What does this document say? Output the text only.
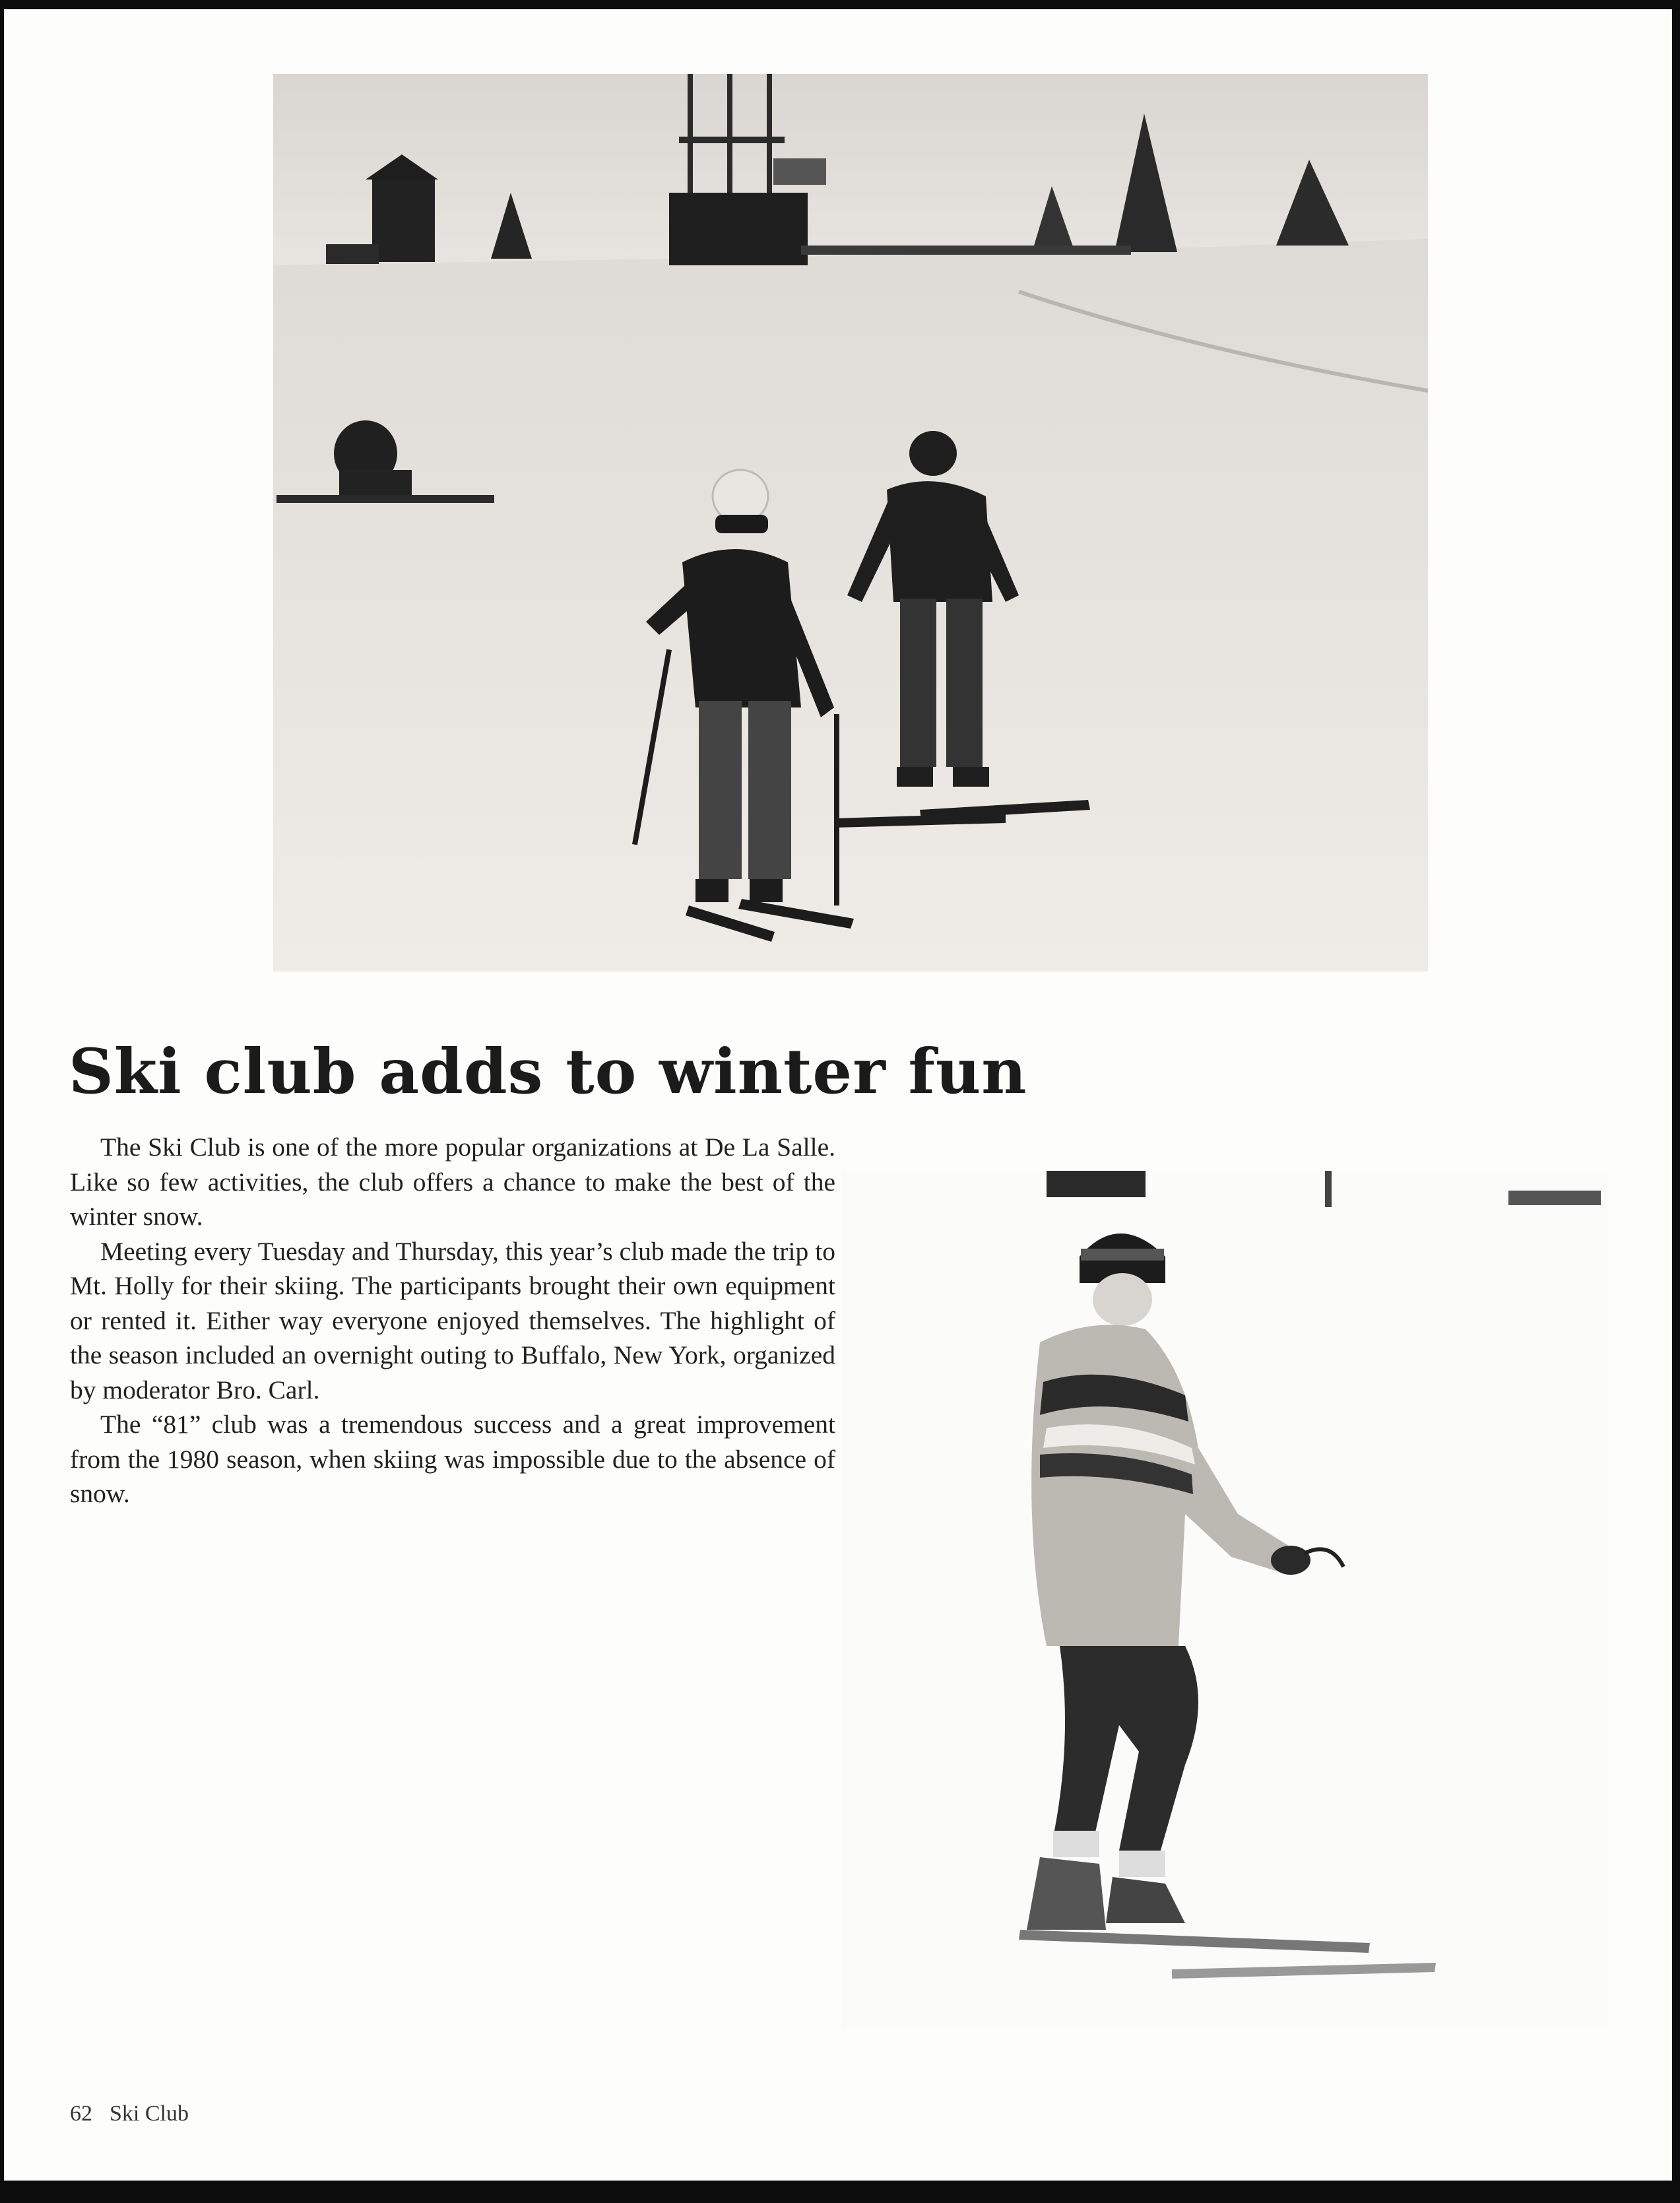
Ski club adds to winter fun

The Ski Club is one of the more popular organizations at De La Salle. Like so few activities, the club offers a chance to make the best of the winter snow.

Meeting every Tuesday and Thursday, this year’s club made the trip to Mt. Holly for their skiing. The participants brought their own equipment or rented it. Either way everyone enjoyed themselves. The highlight of the season included an overnight outing to Buffalo, New York, organized by moderator Bro. Carl.

The “81” club was a tremendous success and a great improvement from the 1980 season, when skiing was impossible due to the absence of snow.

62 Ski Club
